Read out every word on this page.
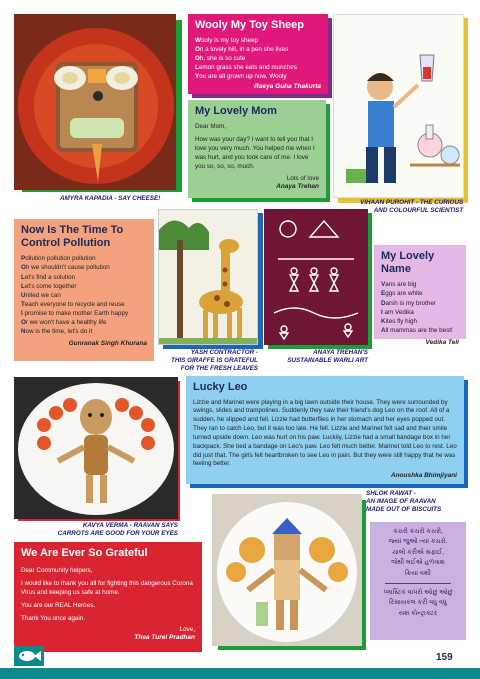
AMYRA KAPADIA - SAY CHEESE!
Wooly My Toy Sheep

Wooly is my toy sheep

On a lovely hill, in a pen she lives

Oh, she is so cute

Lemon grass she eats and munches

You are all grown up now, Wooly

Raeya Guha Thakurta
VIHAAN PUROHIT - THE CURIOUS
AND COLOURFUL SCIENTIST
My Lovely Mom

Dear Mom,

How was your day? I want to tell you that I love you very much. You helped me when I was hurt, and you took care of me. I love you so, so, so, much.

Lots of love

Anaya Trehan
Now Is The Time To Control Pollution

Pollution pollution pollution

Oh we shouldn't cause pollution

Let's find a solution

Let's come together

United we can

Teach everyone to recycle and reuse

I promise to make mother Earth happy

Or we won't have a healthy life

Now is the time, let's do it

Gunranak Singh Khurana
YASH CONTRACTOR -
THIS GIRAFFE IS GRATEFUL
FOR THE FRESH LEAVES
ANAYA TREHAN'S
SUSTAINABLE WARLI ART
My Lovely Name

Vans are big

Eggs are white

Darsh is my brother

I am Vedika

Kites fly high

All mammas are the best!

Vedika Teli
KAVYA VERMA - RAAVAN SAYS
CARROTS ARE GOOD FOR YOUR EYES
Lucky Leo

Lizzie and Marinet were playing in a big lawn outside their house. They were surrounded by swings, slides and trampolines. Suddenly they saw their friend's dog Leo on the roof. All of a sudden, he slipped and fell. Lizzie had butterflies in her stomach and her eyes popped out. They ran to catch Leo, but it was too late. He fell. Lizzie and Marinet felt sad and their smile turned upside down. Leo was hurt on his paw. Luckily, Lizzie had a small bandage box in her backpack. She tied a bandage on Leo's paw. Leo felt much better. Marinet told Leo to rest. Leo did just that. The girls felt heartbroken to see Leo in pain. But they were still happy that he was feeling better.

Anoushka Bhimjiyani
SHLOK RAWAT -
AN IMAGE OF RAAVAN
MADE OUT OF BISCUITS
કચરો કચરો કચરો,
જ્યાં જુઓ ત્યાં કચરો.
ચાલો કરીએ સફાઈ,
જેથી લઈએ હળવાશ
ક્રિયા વશી
પ્લાસ્ટિક વાપરો ઓછું ઓછું
રિસાયકલ કરી વધુ વધુ
યશ કોન્ટ્રાક્ટર
We Are Ever So Grateful

Dear Community helpers,

I would like to thank you all for fighting this dangerous Corona Virus and keeping us safe at home.

You are our REAL Heroes.

Thank You once again.

Love,

Thea Turel Pradhan
159
